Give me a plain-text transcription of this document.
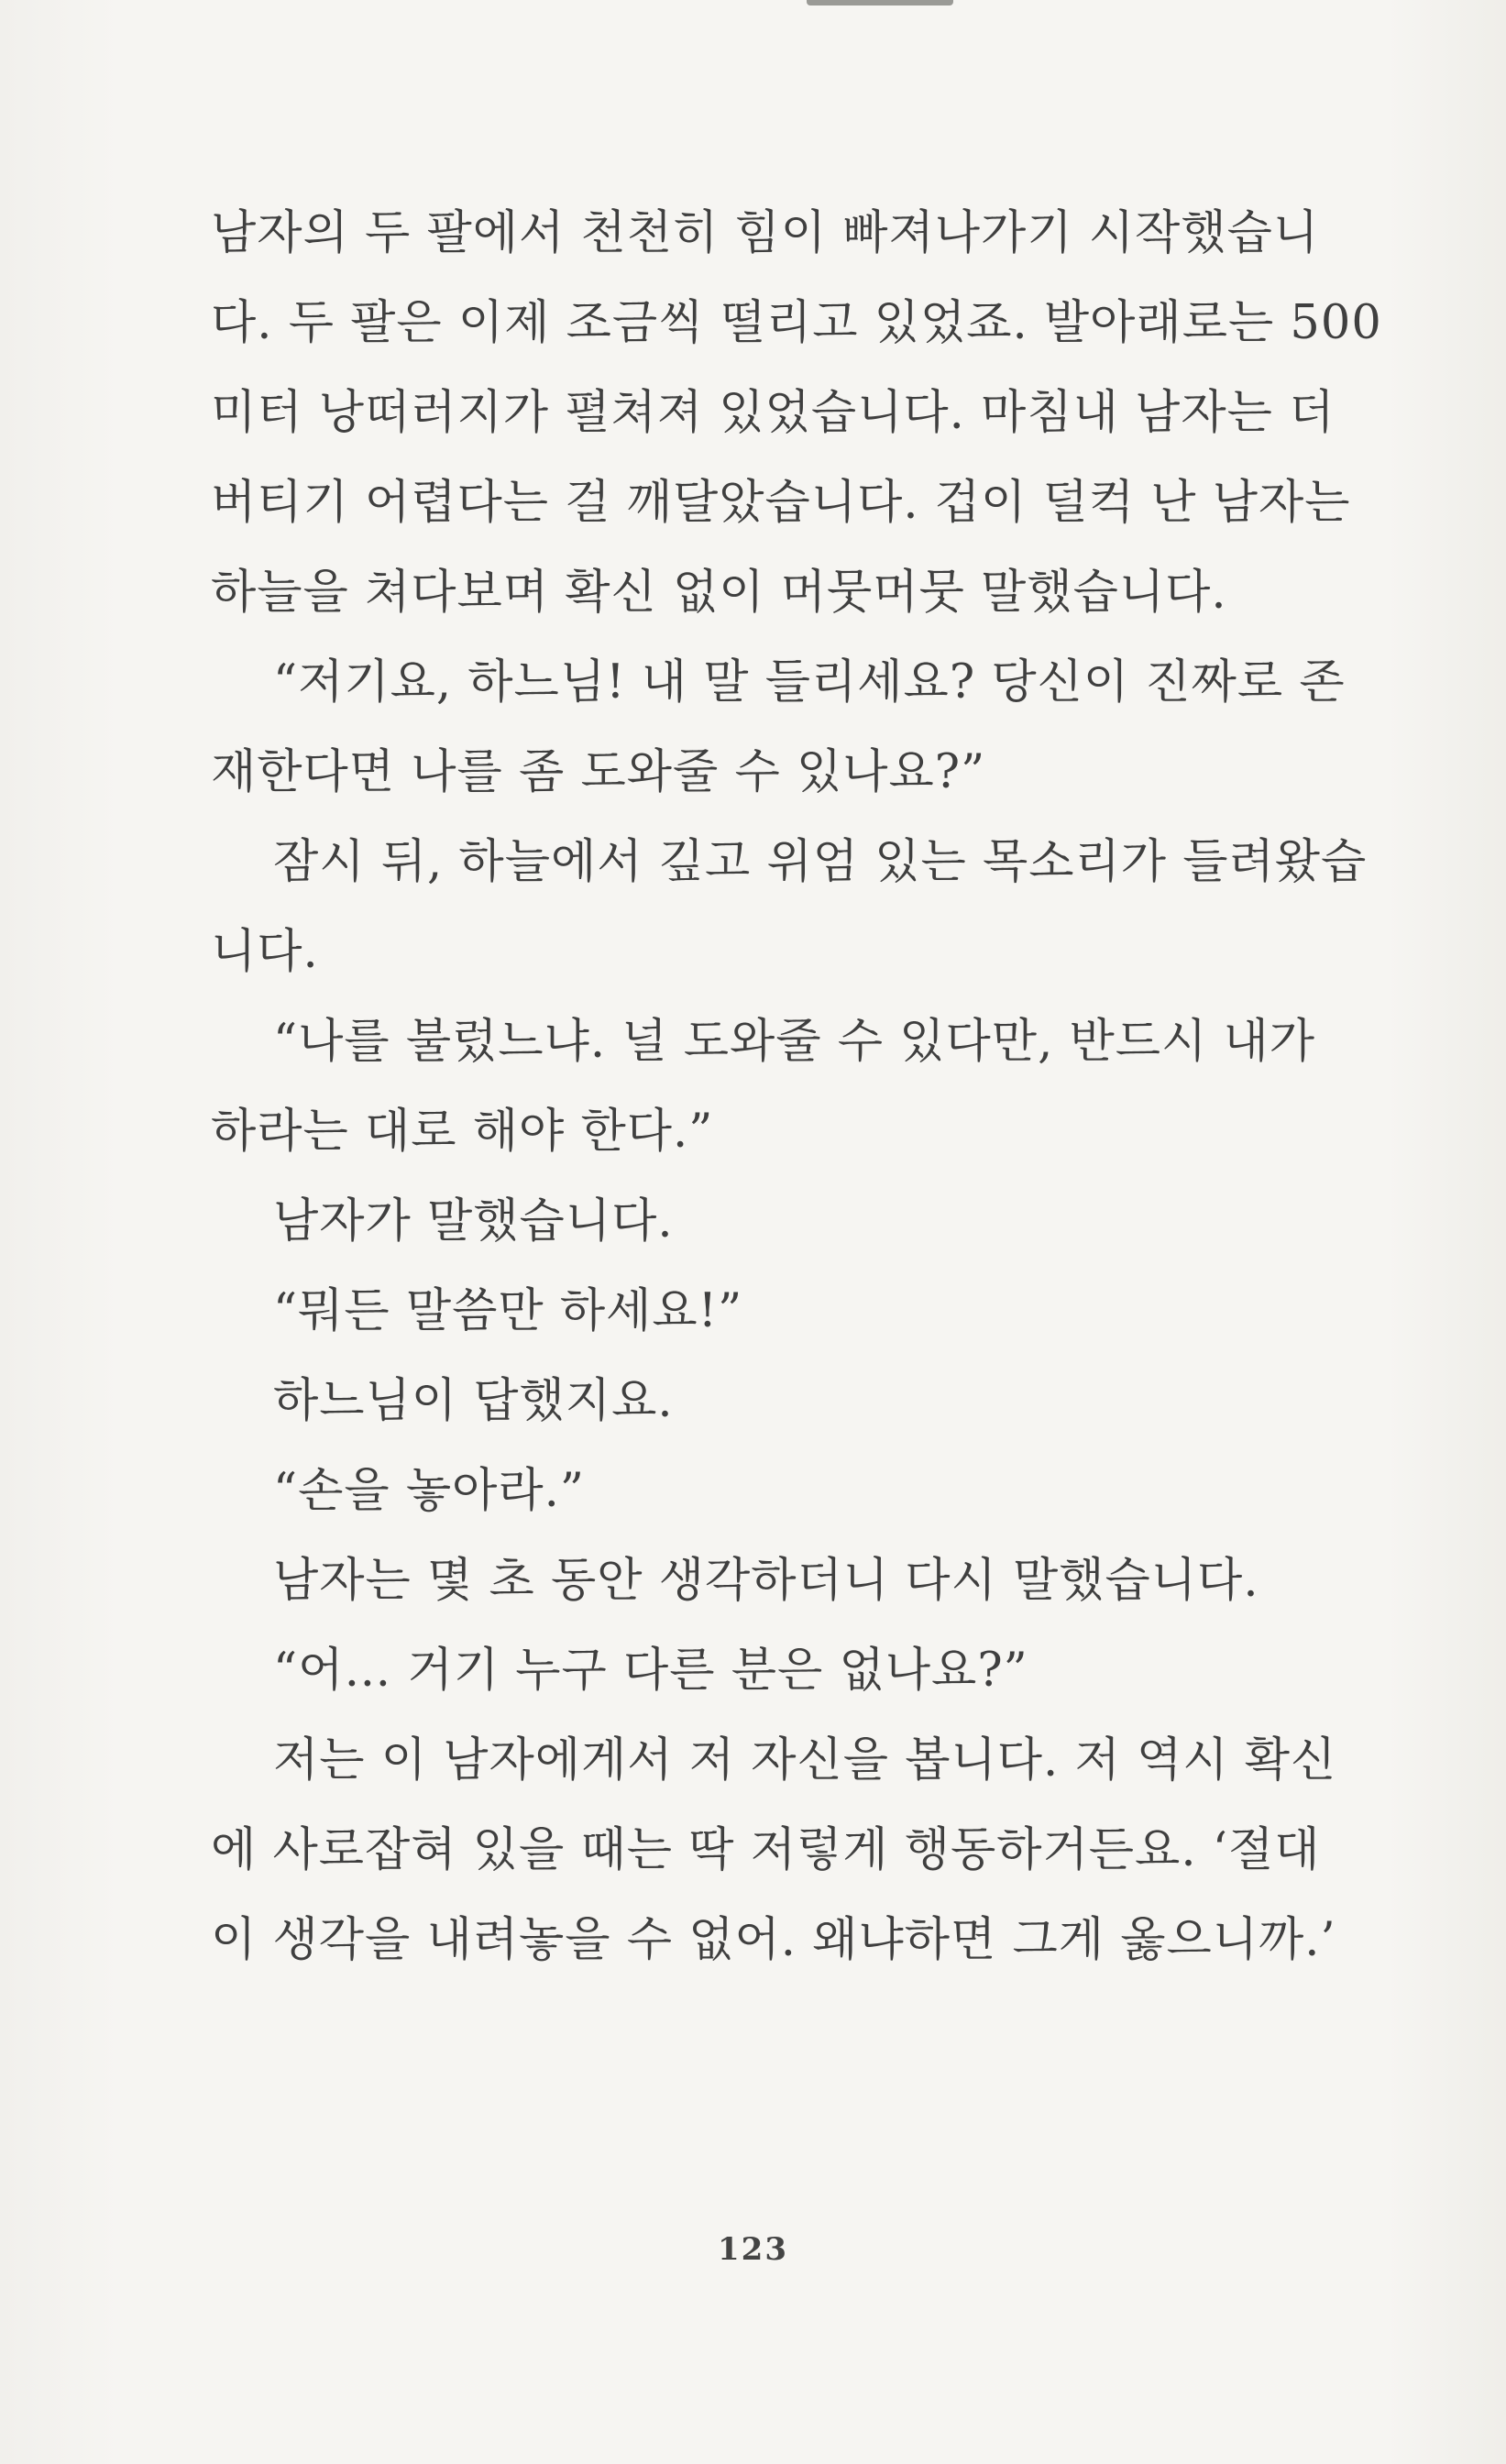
남자의 두 팔에서 천천히 힘이 빠져나가기 시작했습니
다. 두 팔은 이제 조금씩 떨리고 있었죠. 발아래로는 500
미터 낭떠러지가 펼쳐져 있었습니다. 마침내 남자는 더
버티기 어렵다는 걸 깨달았습니다. 겁이 덜컥 난 남자는
하늘을 쳐다보며 확신 없이 머뭇머뭇 말했습니다.
“저기요, 하느님! 내 말 들리세요? 당신이 진짜로 존
재한다면 나를 좀 도와줄 수 있나요?”
잠시 뒤, 하늘에서 깊고 위엄 있는 목소리가 들려왔습
니다.
“나를 불렀느냐. 널 도와줄 수 있다만, 반드시 내가
하라는 대로 해야 한다.”
남자가 말했습니다.
“뭐든 말씀만 하세요!”
하느님이 답했지요.
“손을 놓아라.”
남자는 몇 초 동안 생각하더니 다시 말했습니다.
“어… 거기 누구 다른 분은 없나요?”
저는 이 남자에게서 저 자신을 봅니다. 저 역시 확신
에 사로잡혀 있을 때는 딱 저렇게 행동하거든요. ‘절대
이 생각을 내려놓을 수 없어. 왜냐하면 그게 옳으니까.’
123
